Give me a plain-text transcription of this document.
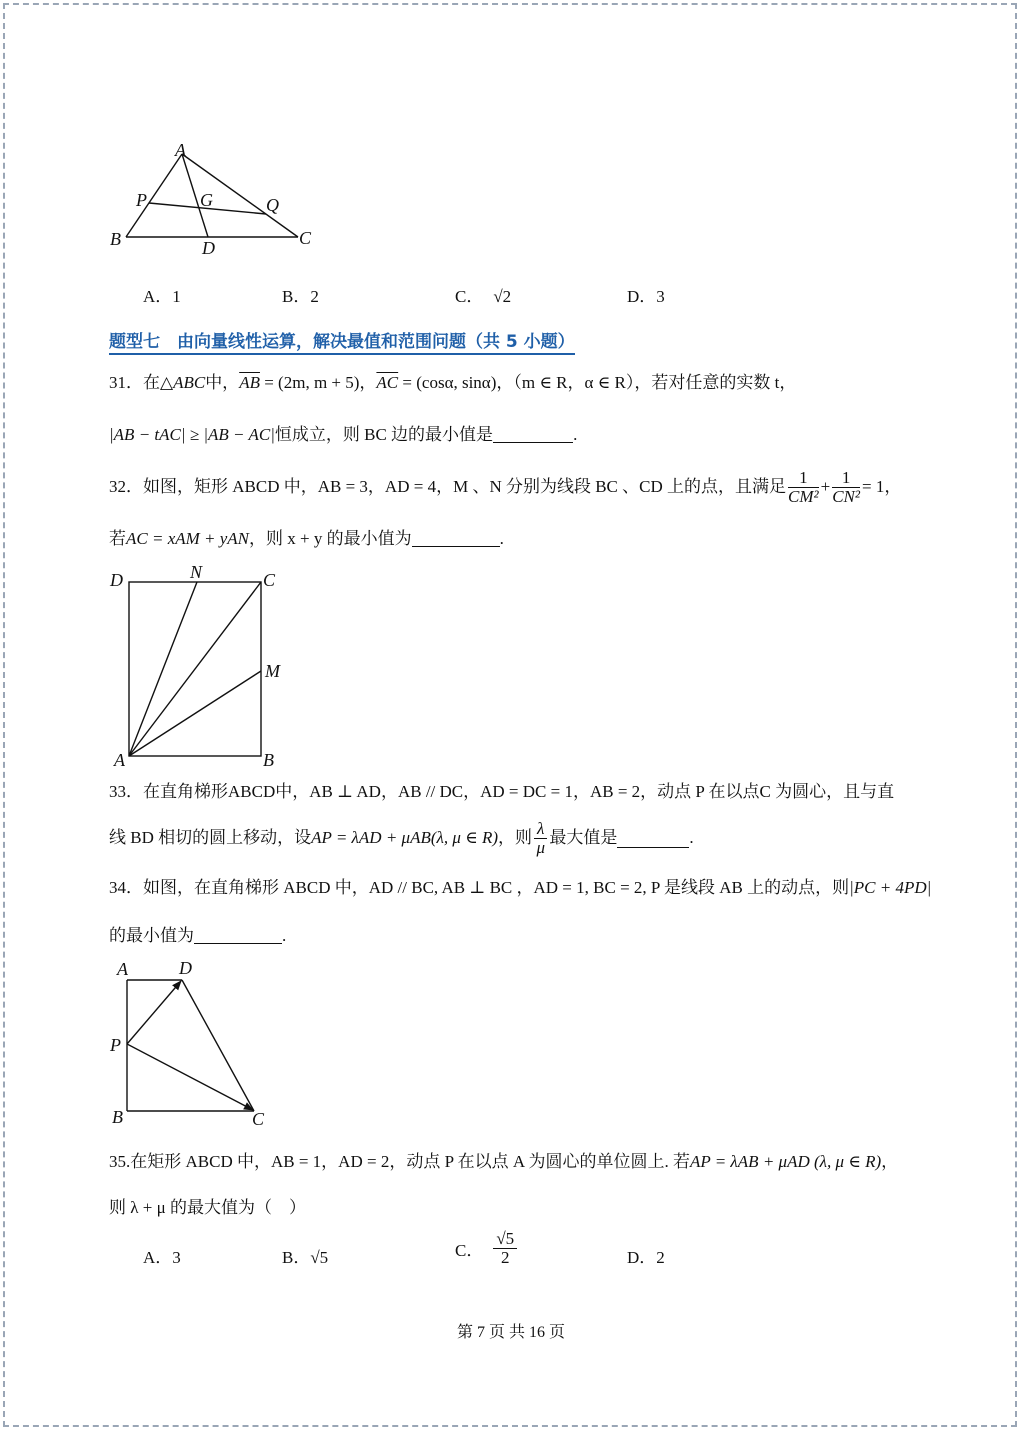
A
P	G	Q
B	D	C
A．1	B．2	C． √2	D．3
题型七　由向量线性运算，解决最值和范围问题（共 5 小题）
31．在△ABC中，$\overline{AB} = (2m$, m + 5)，$\overline{AC} = (\cos\alpha$, sinα)，（m ∈ R，α ∈ R），若对任意的实数 t，
|AB − tAC| ≥ |AB − AC|恒成立，则 BC 边的最小值是	.
32． 如图，矩形 ABCD 中，AB = 3，AD = 4，M 、N 分别为线段 BC 、CD 上的点，且满足 $\frac{1}{\text{CM²}} + \frac{1}{\text{CN²}} = 1$，
若AC = xAM + yAN，则 x + y 的最小值为	.
D	N	C
M
A	B
33．在直角梯形ABCD中，AB ⊥ AD，AB // DC，AD = DC = 1，AB = 2，动点 P 在以点C 为圆心，且与直
线 BD 相切的圆上移动，设 AP = λAD + μAB(λ, μ ∈ R) ，则 $\frac{\lambda}{\mu}$ 最大值是	.
34．如图，在直角梯形 ABCD 中，AD // BC, AB ⊥ BC ，AD = 1, BC = 2, P 是线段 AB 上的动点，则|PC + 4PD|
的最小值为	.
A	D
P
B	C
35.在矩形 ABCD 中，AB = 1，AD = 2，动点 P 在以点 A 为圆心的单位圆上. 若AP = λAB + μAD (λ, μ ∈ R)，
则 λ + μ 的最大值为（　）
A．3	B．√5	C． $\frac{√5}{2}$	D．2
第 7 页 共 16 页
